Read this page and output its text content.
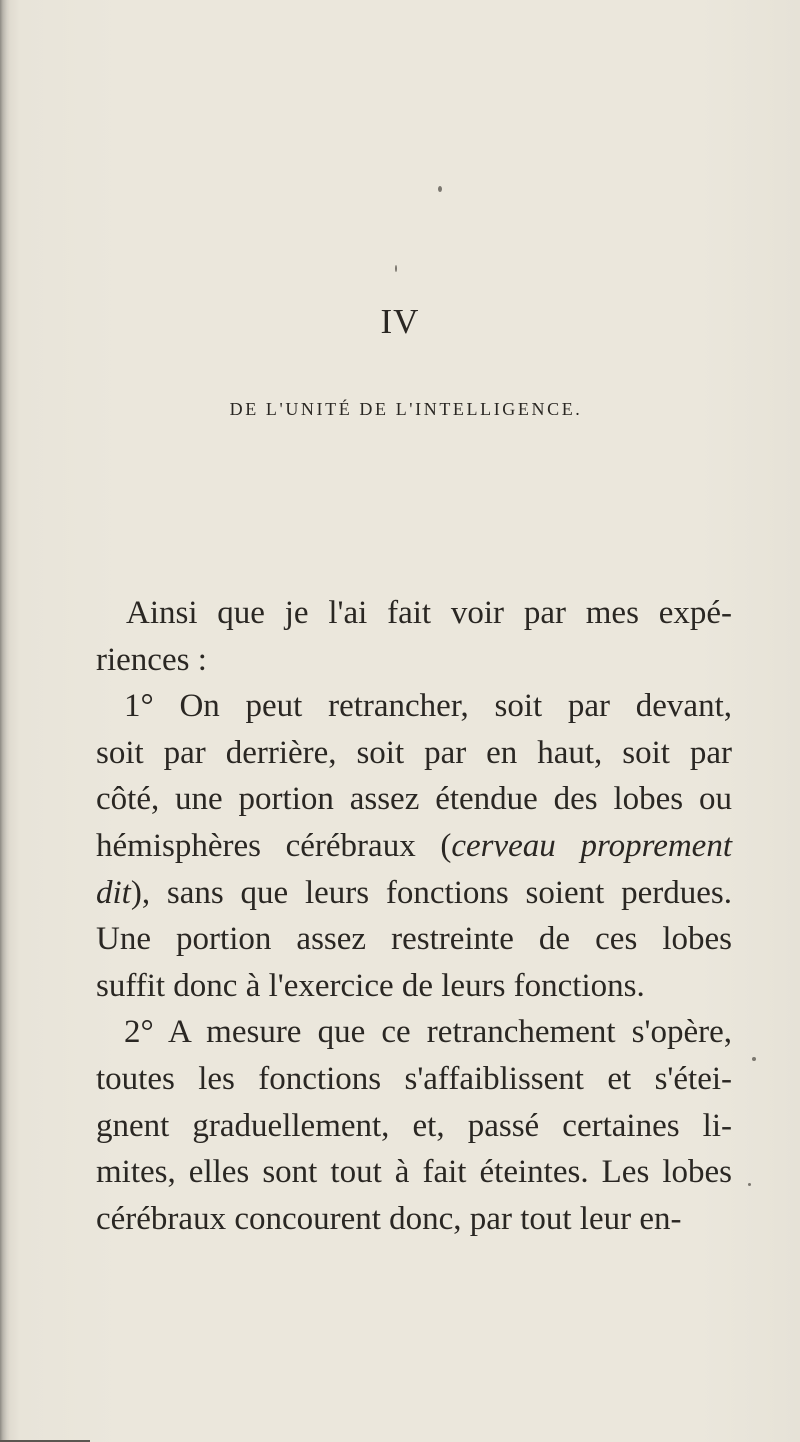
IV
DE L'UNITÉ DE L'INTELLIGENCE.
Ainsi que je l'ai fait voir par mes expé-
riences :
1° On peut retrancher, soit par devant,
soit par derrière, soit par en haut, soit par
côté, une portion assez étendue des lobes ou
hémisphères cérébraux (cerveau proprement
dit), sans que leurs fonctions soient perdues.
Une portion assez restreinte de ces lobes
suffit donc à l'exercice de leurs fonctions.
2° A mesure que ce retranchement s'opère,
toutes les fonctions s'affaiblissent et s'étei-
gnent graduellement, et, passé certaines li-
mites, elles sont tout à fait éteintes. Les lobes
cérébraux concourent donc, par tout leur en-
